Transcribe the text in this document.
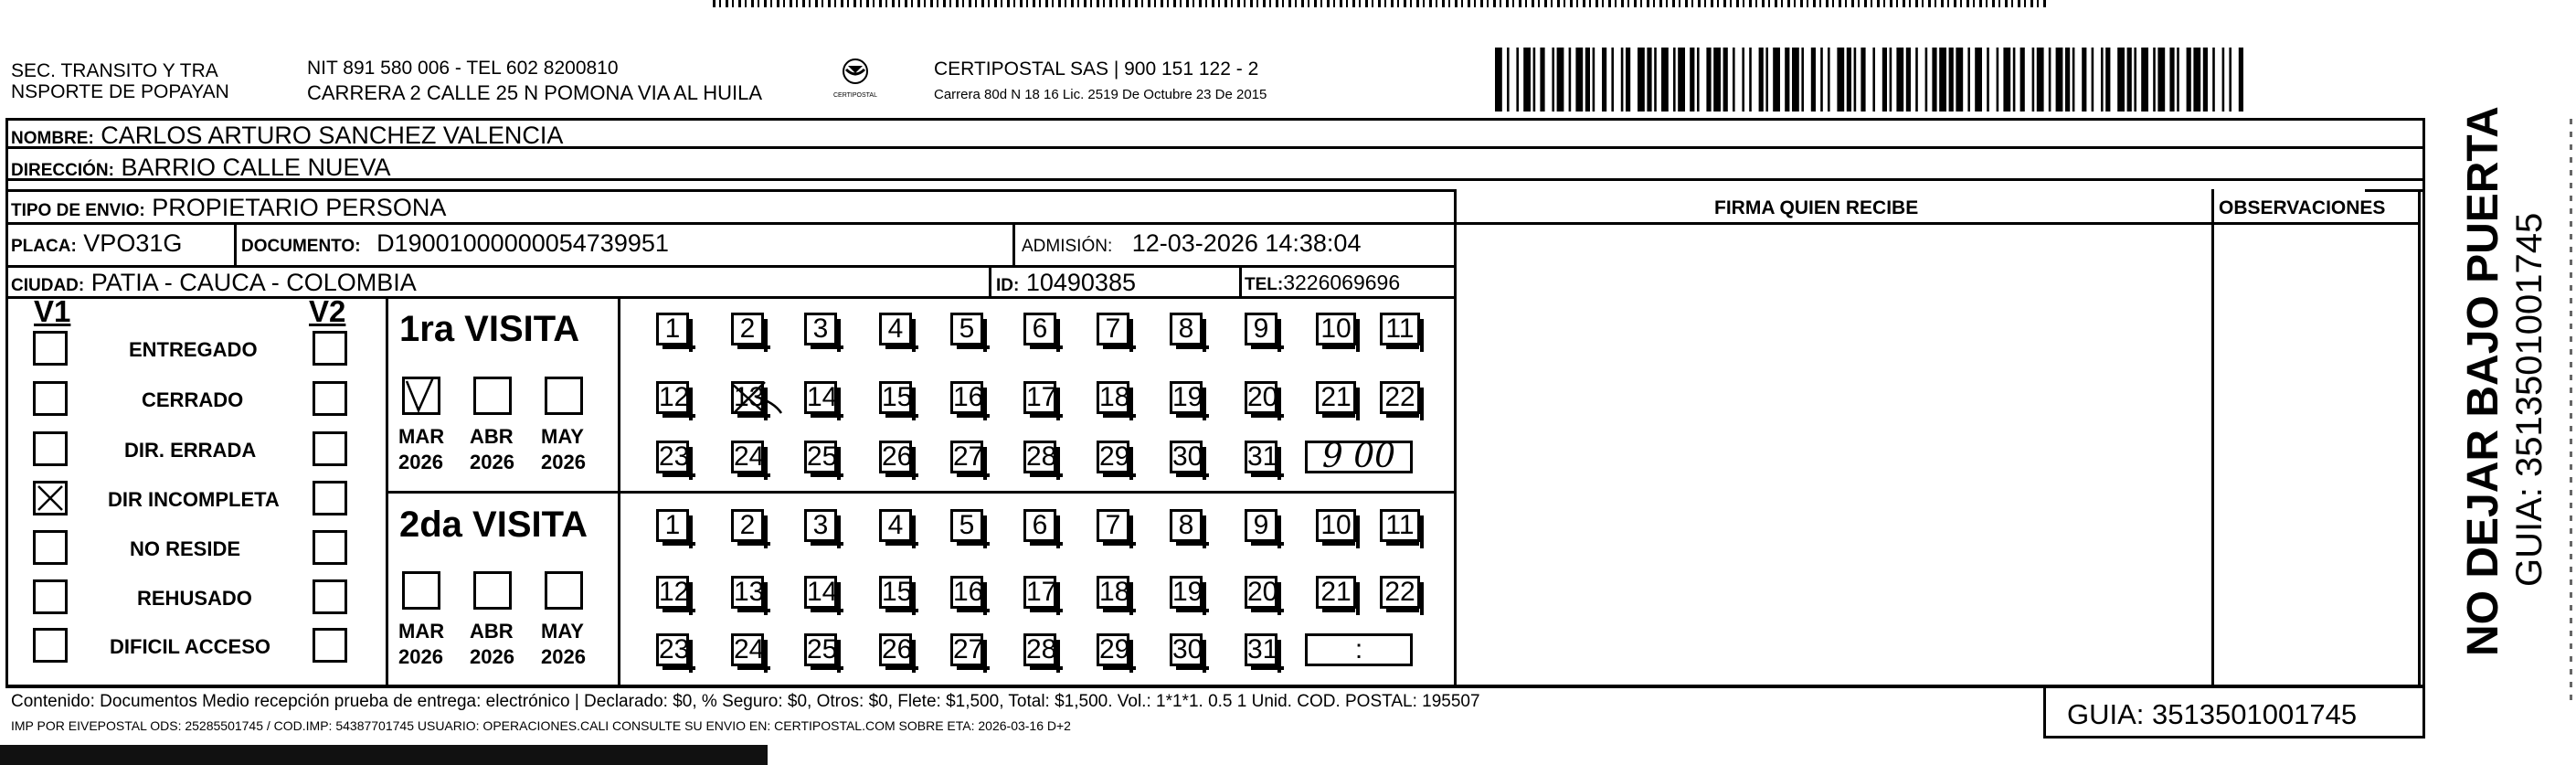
SEC. TRANSITO Y TRA
NSPORTE DE POPAYAN
NIT 891 580 006 - TEL 602 8200810
CARRERA 2 CALLE 25 N POMONA VIA AL HUILA	CERTIPOSTAL
CERTIPOSTAL SAS | 900 151 122 - 2
Carrera 80d N 18 16 Lic. 2519 De Octubre 23 De 2015
NOMBRE: CARLOS ARTURO SANCHEZ VALENCIA
DIRECCIÓN: BARRIO CALLE NUEVA
TIPO DE ENVIO: PROPIETARIO PERSONA	FIRMA QUIEN RECIBE	OBSERVACIONES
PLACA: VPO31G	DOCUMENTO: D19001000000054739951	ADMISIÓN: 12-03-2026 14:38:04
CIUDAD: PATIA - CAUCA - COLOMBIA	ID: 10490385	TEL:3226069696
V1	V2
ENTREGADO
CERRADO
DIR. ERRADA
DIR INCOMPLETA
NO RESIDE
REHUSADO
DIFICIL ACCESO
1ra VISITA
MAR
2026
ABR
2026
MAY
2026
1	2	3	4	5	6	7	8	9	10 11
12 13 14 15 16 17 18 19 20 21 22
23 24 25 26 27 28 29 30 31	9 00
2da VISITA
MAR
2026
ABR
2026
MAY
2026
1	2	3	4	5	6	7	8	9	10 11
12 13 14 15 16 17 18 19 20 21 22
23 24 25 26 27 28 29 30 31	:
Contenido: Documentos Medio recepción prueba de entrega: electrónico | Declarado: $0, % Seguro: $0, Otros: $0, Flete: $1,500, Total: $1,500. Vol.: 1*1*1. 0.5 1 Unid. COD. POSTAL: 195507
IMP POR EIVEPOSTAL ODS: 25285501745 / COD.IMP: 54387701745 USUARIO: OPERACIONES.CALI CONSULTE SU ENVIO EN: CERTIPOSTAL.COM SOBRE ETA: 2026-03-16 D+2	GUIA: 3513501001745
NO DEJAR BAJO PUERTA GUIA: 3513501001745
